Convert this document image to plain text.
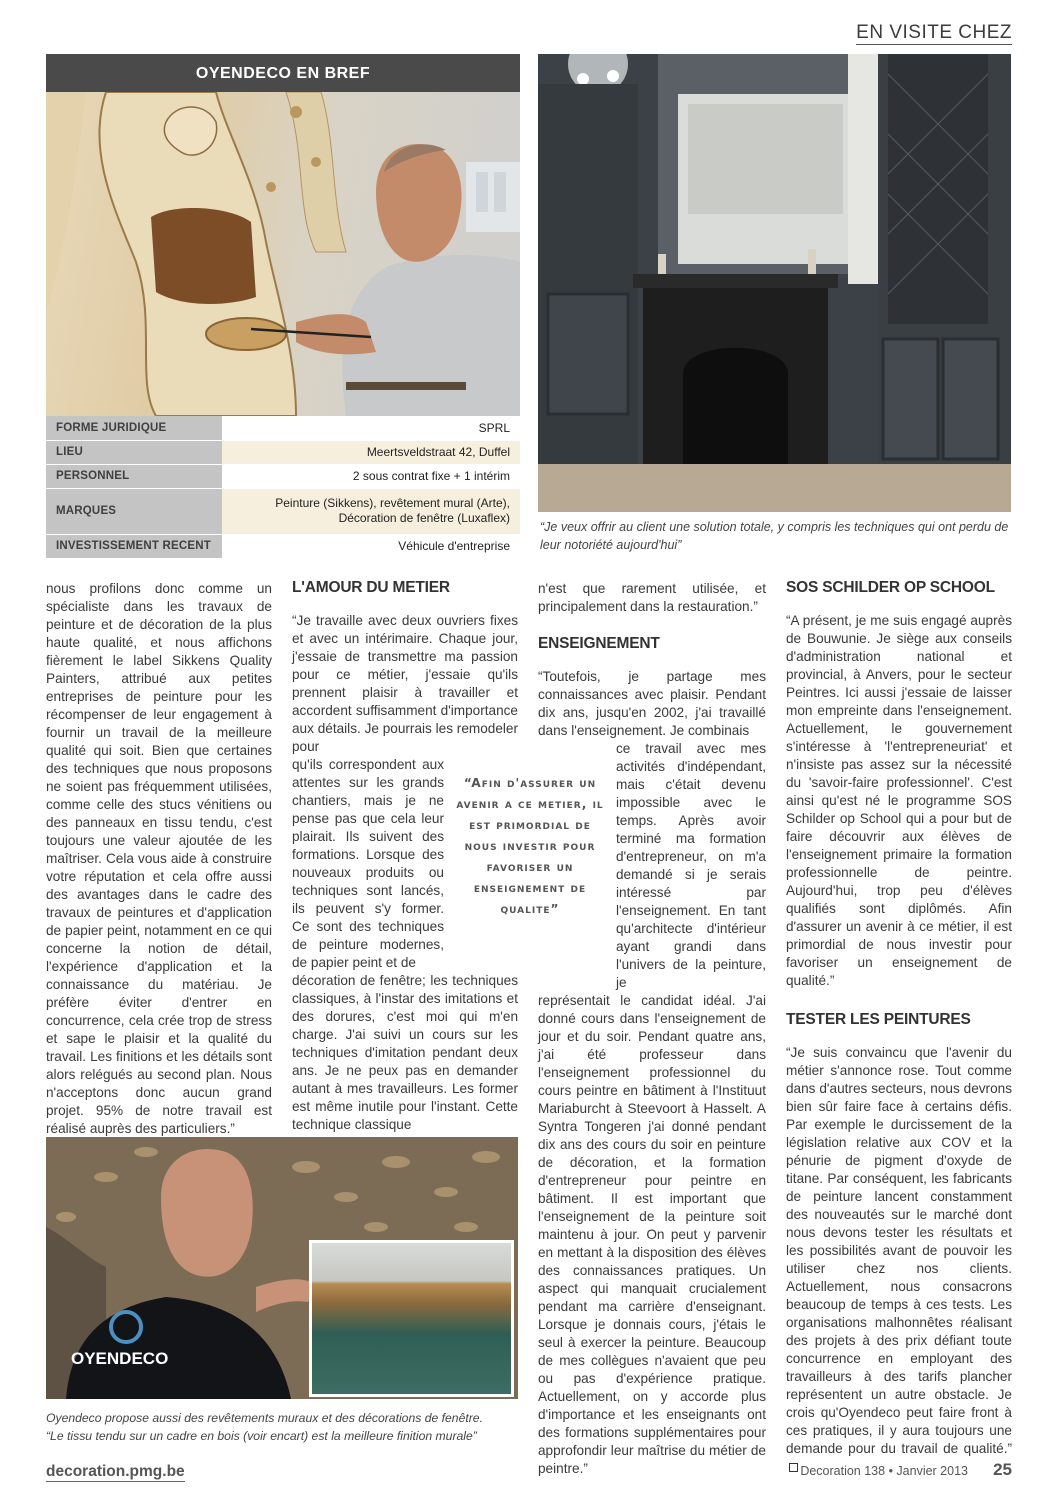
EN VISITE CHEZ
OYENDECO EN BREF
FORME JURIDIQUE	SPRL
LIEU	Meertsveldstraat 42, Duffel
PERSONNEL	2 sous contrat fixe + 1 intérim
MARQUES	Peinture (Sikkens), revêtement mural (Arte),
Décoration de fenêtre (Luxaflex)
INVESTISSEMENT RECENT	Véhicule d'entreprise
“Je veux offrir au client une solution totale, y compris les techniques qui ont perdu de leur notoriété aujourd'hui”

nous profilons donc comme un spécialiste dans les travaux de peinture et de décoration de la plus haute qualité, et nous affichons fièrement le label Sikkens Quality Painters, attribué aux petites entreprises de peinture pour les récompenser de leur engagement à fournir un travail de la meilleure qualité qui soit. Bien que certaines des techniques que nous proposons ne soient pas fréquemment utilisées, comme celle des stucs vénitiens ou des panneaux en tissu tendu, c'est toujours une valeur ajoutée de les maîtriser. Cela vous aide à construire votre réputation et cela offre aussi des avantages dans le cadre des travaux de peintures et d'application de papier peint, notamment en ce qui concerne la notion de détail, l'expérience d'application et la connaissance du matériau. Je préfère éviter d'entrer en concurrence, cela crée trop de stress et sape le plaisir et la qualité du travail. Les finitions et les détails sont alors relégués au second plan. Nous n'acceptons donc aucun grand projet. 95% de notre travail est réalisé auprès des particuliers.”

L'AMOUR DU METIER

“Je travaille avec deux ouvriers fixes et avec un intérimaire. Chaque jour, j'essaie de transmettre ma passion pour ce métier, j'essaie qu'ils prennent plaisir à travailler et accordent suffisamment d'importance aux détails. Je pourrais les remodeler pour

qu'ils correspondent aux attentes sur les grands chantiers, mais je ne pense pas que cela leur plairait. Ils suivent des formations. Lorsque des nouveaux produits ou techniques sont lancés, ils peuvent s'y former. Ce sont des techniques de peinture modernes, de papier peint et de

décoration de fenêtre; les techniques classiques, à l'instar des imitations et des dorures, c'est moi qui m'en charge. J'ai suivi un cours sur les techniques d'imitation pendant deux ans. Je ne peux pas en demander autant à mes travailleurs. Les former est même inutile pour l'instant. Cette technique classique

“Afin d'assurer un avenir a ce metier, il est primordial de nous investir pour favoriser un enseignement de qualite”

n'est que rarement utilisée, et principalement dans la restauration.”

ENSEIGNEMENT

“Toutefois, je partage mes connaissances avec plaisir. Pendant dix ans, jusqu'en 2002, j'ai travaillé dans l'enseignement. Je combinais

ce travail avec mes activités d'indépendant, mais c'était devenu impossible avec le temps. Après avoir terminé ma formation d'entrepreneur, on m'a demandé si je serais intéressé par l'enseignement. En tant qu'architecte d'intérieur ayant grandi dans l'univers de la peinture, je

représentait le candidat idéal. J'ai donné cours dans l'enseignement de jour et du soir. Pendant quatre ans, j'ai été professeur dans l'enseignement professionnel du cours peintre en bâtiment à l'Instituut Mariaburcht à Steevoort à Hasselt. A Syntra Tongeren j'ai donné pendant dix ans des cours du soir en peinture de décoration, et la formation d'entrepreneur pour peintre en bâtiment. Il est important que l'enseignement de la peinture soit maintenu à jour. On peut y parvenir en mettant à la disposition des élèves des connaissances pratiques. Un aspect qui manquait crucialement pendant ma carrière d'enseignant. Lorsque je donnais cours, j'étais le seul à exercer la peinture. Beaucoup de mes collègues n'avaient que peu ou pas d'expérience pratique. Actuellement, on y accorde plus d'importance et les enseignants ont des formations supplémentaires pour approfondir leur maîtrise du métier de peintre.”

SOS SCHILDER OP SCHOOL

“A présent, je me suis engagé auprès de Bouwunie. Je siège aux conseils d'administration national et provincial, à Anvers, pour le secteur Peintres. Ici aussi j'essaie de laisser mon empreinte dans l'enseignement. Actuellement, le gouvernement s'intéresse à 'l'entrepreneuriat' et n'insiste pas assez sur la nécessité du 'savoir-faire professionnel'. C'est ainsi qu'est né le programme SOS Schilder op School qui a pour but de faire découvrir aux élèves de l'enseignement primaire la formation professionnelle de peintre. Aujourd'hui, trop peu d'élèves qualifiés sont diplômés. Afin d'assurer un avenir à ce métier, il est primordial de nous investir pour favoriser un enseignement de qualité.”

TESTER LES PEINTURES

“Je suis convaincu que l'avenir du métier s'annonce rose. Tout comme dans d'autres secteurs, nous devrons bien sûr faire face à certains défis. Par exemple le durcissement de la législation relative aux COV et la pénurie de pigment d'oxyde de titane. Par conséquent, les fabricants de peinture lancent constamment des nouveautés sur le marché dont nous devons tester les résultats et les possibilités avant de pouvoir les utiliser chez nos clients. Actuellement, nous consacrons beaucoup de temps à ces tests. Les organisations malhonnêtes réalisant des projets à des prix défiant toute concurrence en employant des travailleurs à des tarifs plancher représentent un autre obstacle. Je crois qu'Oyendeco peut faire front à ces pratiques, il y aura toujours une demande pour du travail de qualité.”

OYENDECO
Oyendeco propose aussi des revêtements muraux et des décorations de fenêtre.
“Le tissu tendu sur un cadre en bois (voir encart) est la meilleure finition murale”
decoration.pmg.be	Decoration 138 • Janvier 2013 25
